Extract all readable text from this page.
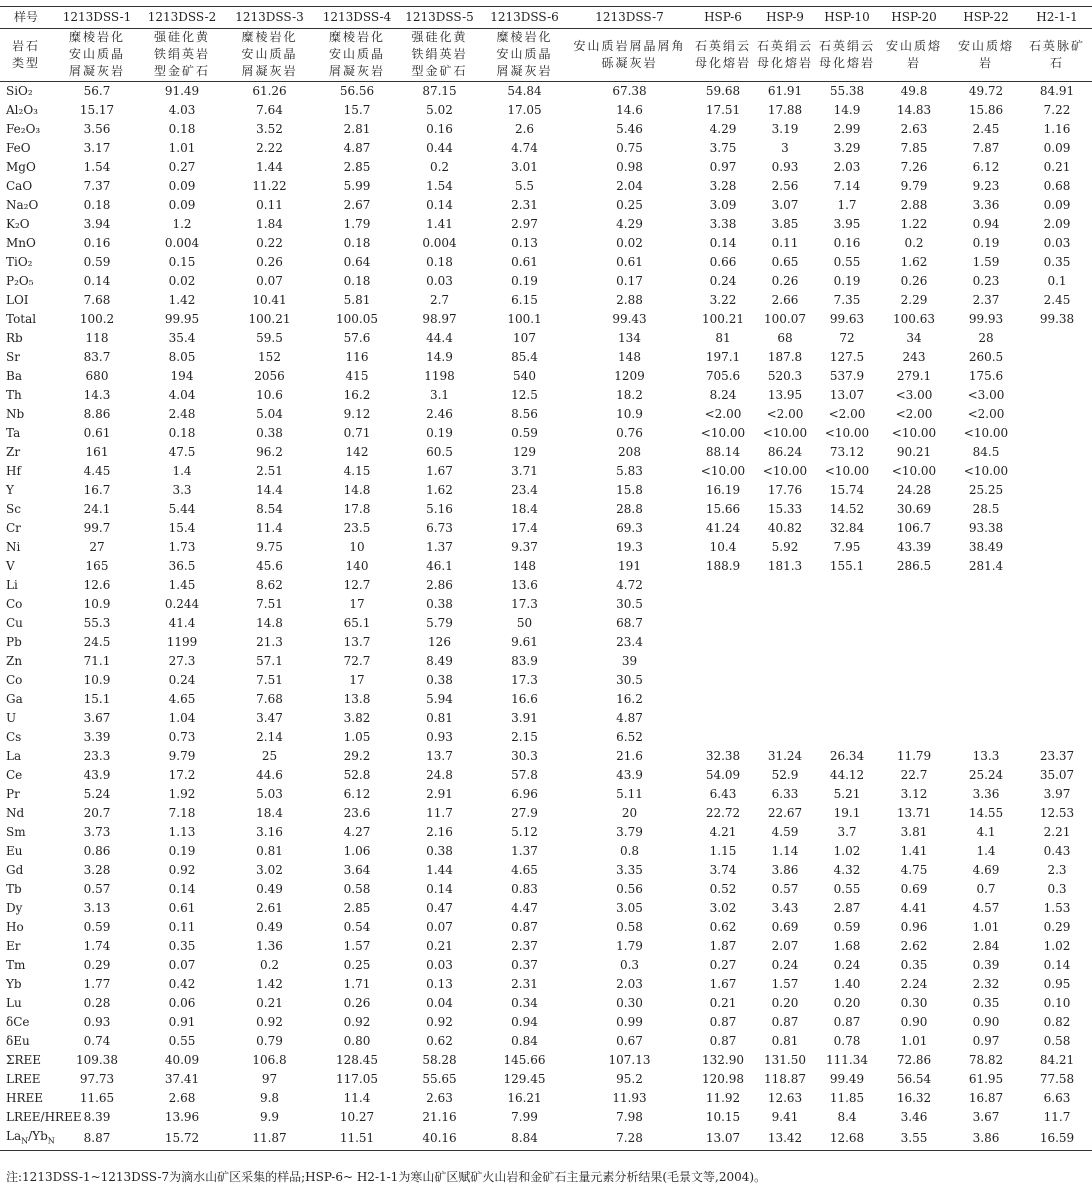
样号	1213DSS-1	1213DSS-2	1213DSS-3	1213DSS-4	1213DSS-5	1213DSS-6	1213DSS-7	HSP-6	HSP-9	HSP-10	HSP-20	HSP-22	H2-1-1
岩石类型	糜棱岩化安山质晶屑凝灰岩	强硅化黄铁绢英岩型金矿石	糜棱岩化安山质晶屑凝灰岩	糜棱岩化安山质晶屑凝灰岩	强硅化黄铁绢英岩型金矿石	糜棱岩化安山质晶屑凝灰岩	安山质岩屑晶屑角砾凝灰岩	石英绢云母化熔岩	石英绢云母化熔岩	石英绢云母化熔岩	安山质熔岩	安山质熔岩	石英脉矿石
SiO₂	56.7	91.49	61.26	56.56	87.15	54.84	67.38	59.68	61.91	55.38	49.8	49.72	84.91
Al₂O₃	15.17	4.03	7.64	15.7	5.02	17.05	14.6	17.51	17.88	14.9	14.83	15.86	7.22
Fe₂O₃	3.56	0.18	3.52	2.81	0.16	2.6	5.46	4.29	3.19	2.99	2.63	2.45	1.16
FeO	3.17	1.01	2.22	4.87	0.44	4.74	0.75	3.75	3	3.29	7.85	7.87	0.09
MgO	1.54	0.27	1.44	2.85	0.2	3.01	0.98	0.97	0.93	2.03	7.26	6.12	0.21
CaO	7.37	0.09	11.22	5.99	1.54	5.5	2.04	3.28	2.56	7.14	9.79	9.23	0.68
Na₂O	0.18	0.09	0.11	2.67	0.14	2.31	0.25	3.09	3.07	1.7	2.88	3.36	0.09
K₂O	3.94	1.2	1.84	1.79	1.41	2.97	4.29	3.38	3.85	3.95	1.22	0.94	2.09
MnO	0.16	0.004	0.22	0.18	0.004	0.13	0.02	0.14	0.11	0.16	0.2	0.19	0.03
TiO₂	0.59	0.15	0.26	0.64	0.18	0.61	0.61	0.66	0.65	0.55	1.62	1.59	0.35
P₂O₅	0.14	0.02	0.07	0.18	0.03	0.19	0.17	0.24	0.26	0.19	0.26	0.23	0.1
LOI	7.68	1.42	10.41	5.81	2.7	6.15	2.88	3.22	2.66	7.35	2.29	2.37	2.45
Total	100.2	99.95	100.21	100.05	98.97	100.1	99.43	100.21	100.07	99.63	100.63	99.93	99.38
Rb	118	35.4	59.5	57.6	44.4	107	134	81	68	72	34	28	
Sr	83.7	8.05	152	116	14.9	85.4	148	197.1	187.8	127.5	243	260.5	
Ba	680	194	2056	415	1198	540	1209	705.6	520.3	537.9	279.1	175.6	
Th	14.3	4.04	10.6	16.2	3.1	12.5	18.2	8.24	13.95	13.07	<3.00	<3.00	
Nb	8.86	2.48	5.04	9.12	2.46	8.56	10.9	<2.00	<2.00	<2.00	<2.00	<2.00	
Ta	0.61	0.18	0.38	0.71	0.19	0.59	0.76	<10.00	<10.00	<10.00	<10.00	<10.00	
Zr	161	47.5	96.2	142	60.5	129	208	88.14	86.24	73.12	90.21	84.5	
Hf	4.45	1.4	2.51	4.15	1.67	3.71	5.83	<10.00	<10.00	<10.00	<10.00	<10.00	
Y	16.7	3.3	14.4	14.8	1.62	23.4	15.8	16.19	17.76	15.74	24.28	25.25	
Sc	24.1	5.44	8.54	17.8	5.16	18.4	28.8	15.66	15.33	14.52	30.69	28.5	
Cr	99.7	15.4	11.4	23.5	6.73	17.4	69.3	41.24	40.82	32.84	106.7	93.38	
Ni	27	1.73	9.75	10	1.37	9.37	19.3	10.4	5.92	7.95	43.39	38.49	
V	165	36.5	45.6	140	46.1	148	191	188.9	181.3	155.1	286.5	281.4	
Li	12.6	1.45	8.62	12.7	2.86	13.6	4.72						
Co	10.9	0.244	7.51	17	0.38	17.3	30.5						
Cu	55.3	41.4	14.8	65.1	5.79	50	68.7						
Pb	24.5	1199	21.3	13.7	126	9.61	23.4						
Zn	71.1	27.3	57.1	72.7	8.49	83.9	39						
Co	10.9	0.24	7.51	17	0.38	17.3	30.5						
Ga	15.1	4.65	7.68	13.8	5.94	16.6	16.2						
U	3.67	1.04	3.47	3.82	0.81	3.91	4.87						
Cs	3.39	0.73	2.14	1.05	0.93	2.15	6.52						
La	23.3	9.79	25	29.2	13.7	30.3	21.6	32.38	31.24	26.34	11.79	13.3	23.37
Ce	43.9	17.2	44.6	52.8	24.8	57.8	43.9	54.09	52.9	44.12	22.7	25.24	35.07
Pr	5.24	1.92	5.03	6.12	2.91	6.96	5.11	6.43	6.33	5.21	3.12	3.36	3.97
Nd	20.7	7.18	18.4	23.6	11.7	27.9	20	22.72	22.67	19.1	13.71	14.55	12.53
Sm	3.73	1.13	3.16	4.27	2.16	5.12	3.79	4.21	4.59	3.7	3.81	4.1	2.21
Eu	0.86	0.19	0.81	1.06	0.38	1.37	0.8	1.15	1.14	1.02	1.41	1.4	0.43
Gd	3.28	0.92	3.02	3.64	1.44	4.65	3.35	3.74	3.86	4.32	4.75	4.69	2.3
Tb	0.57	0.14	0.49	0.58	0.14	0.83	0.56	0.52	0.57	0.55	0.69	0.7	0.3
Dy	3.13	0.61	2.61	2.85	0.47	4.47	3.05	3.02	3.43	2.87	4.41	4.57	1.53
Ho	0.59	0.11	0.49	0.54	0.07	0.87	0.58	0.62	0.69	0.59	0.96	1.01	0.29
Er	1.74	0.35	1.36	1.57	0.21	2.37	1.79	1.87	2.07	1.68	2.62	2.84	1.02
Tm	0.29	0.07	0.2	0.25	0.03	0.37	0.3	0.27	0.24	0.24	0.35	0.39	0.14
Yb	1.77	0.42	1.42	1.71	0.13	2.31	2.03	1.67	1.57	1.40	2.24	2.32	0.95
Lu	0.28	0.06	0.21	0.26	0.04	0.34	0.30	0.21	0.20	0.20	0.30	0.35	0.10
δCe	0.93	0.91	0.92	0.92	0.92	0.94	0.99	0.87	0.87	0.87	0.90	0.90	0.82
δEu	0.74	0.55	0.79	0.80	0.62	0.84	0.67	0.87	0.81	0.78	1.01	0.97	0.58
ΣREE	109.38	40.09	106.8	128.45	58.28	145.66	107.13	132.90	131.50	111.34	72.86	78.82	84.21
LREE	97.73	37.41	97	117.05	55.65	129.45	95.2	120.98	118.87	99.49	56.54	61.95	77.58
HREE	11.65	2.68	9.8	11.4	2.63	16.21	11.93	11.92	12.63	11.85	16.32	16.87	6.63
LREE/HREE	8.39	13.96	9.9	10.27	21.16	7.99	7.98	10.15	9.41	8.4	3.46	3.67	11.7
$La_N/Yb_N$	8.87	15.72	11.87	11.51	40.16	8.84	7.28	13.07	13.42	12.68	3.55	3.86	16.59
注:1213DSS-1~1213DSS-7为滴水山矿区采集的样品;HSP-6~ H2-1-1为寒山矿区赋矿火山岩和金矿石主量元素分析结果(毛景文等,2004)。
